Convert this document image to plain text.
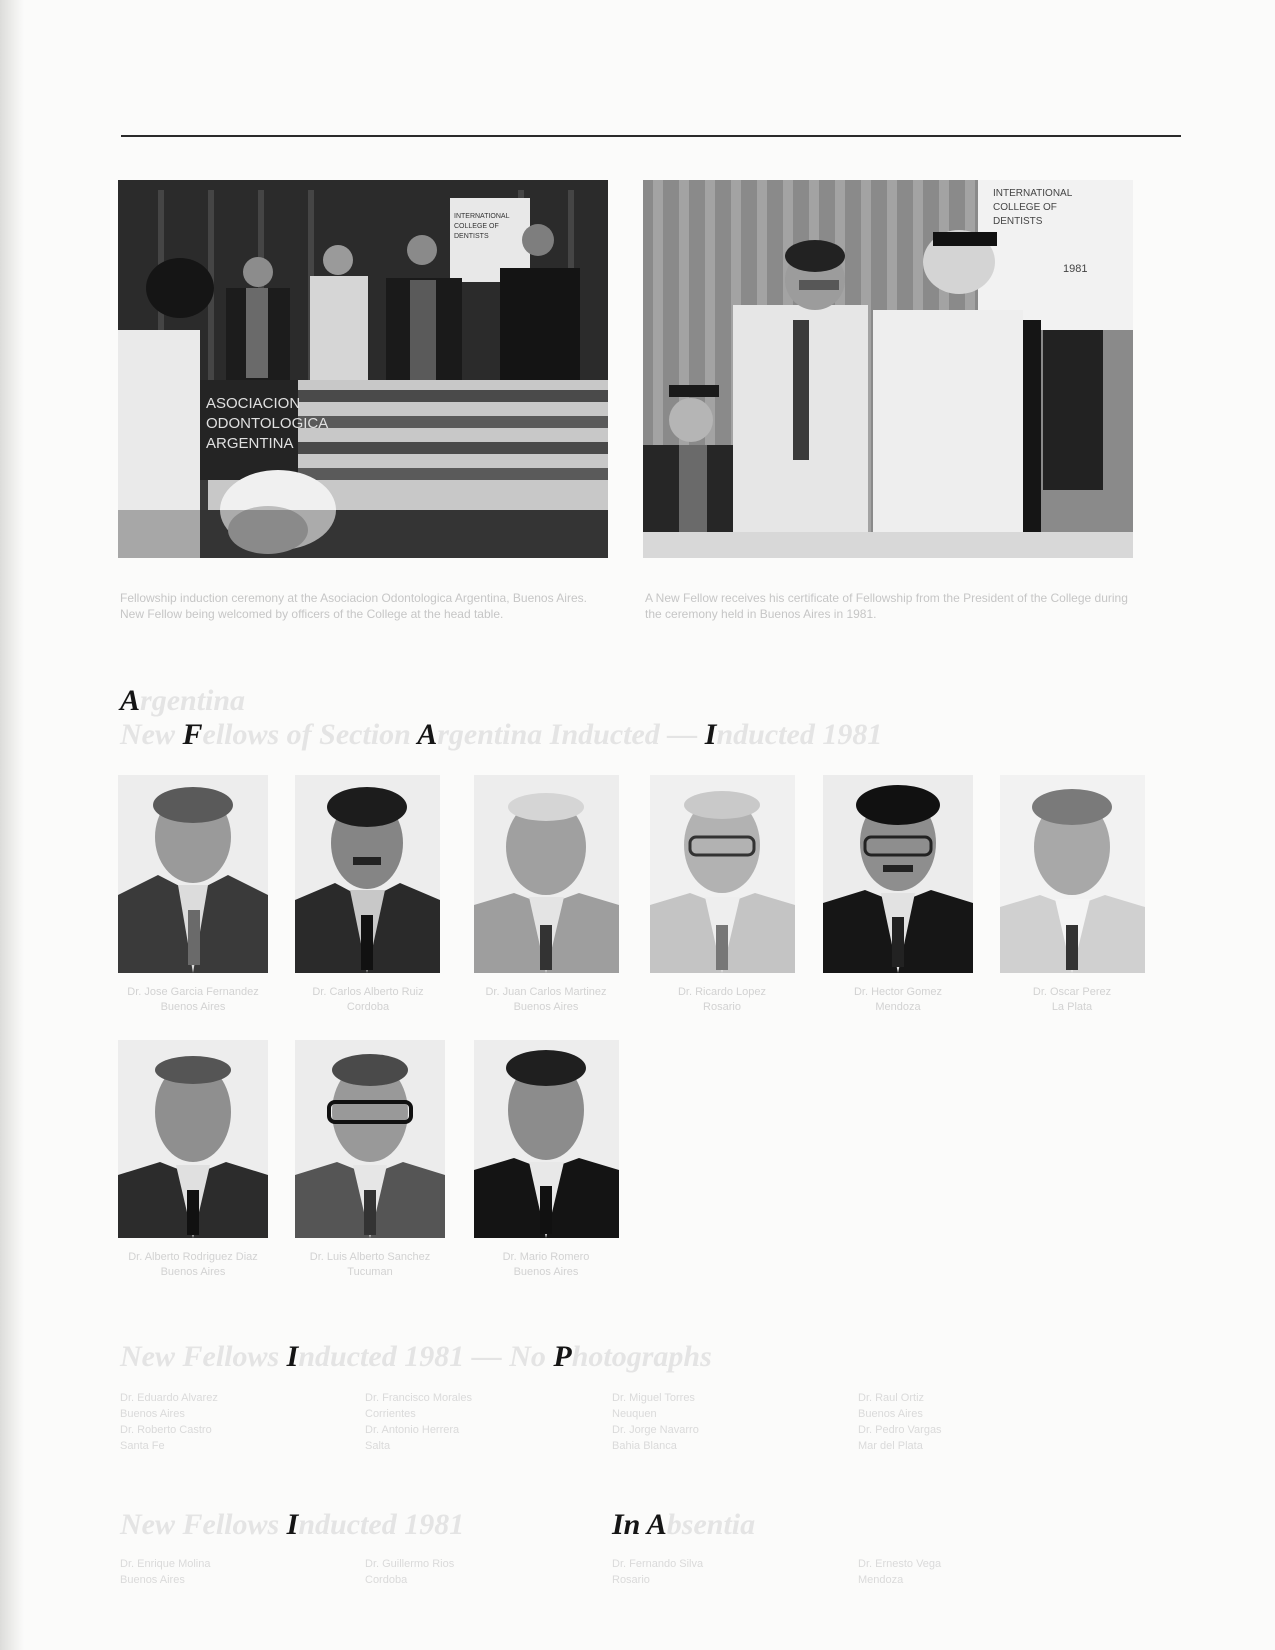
ASOCIACION
ODONTOLOGICA
ARGENTINA
INTERNATIONAL
COLLEGE OF
DENTISTS
Fellowship induction ceremony at the Asociacion Odontologica Argentina, Buenos Aires. New Fellow being welcomed by officers of the College at the head table.
INTERNATIONAL
COLLEGE OF
DENTISTS
1981
A New Fellow receives his certificate of Fellowship from the President of the College during the ceremony held in Buenos Aires in 1981.
Argentina
New Fellows of Section Argentina Inducted — Inducted 1981
Dr. Jose Garcia Fernandez
Buenos Aires
Dr. Carlos Alberto Ruiz
Cordoba
Dr. Juan Carlos Martinez
Buenos Aires
Dr. Ricardo Lopez
Rosario
Dr. Hector Gomez
Mendoza
Dr. Oscar Perez
La Plata
Dr. Alberto Rodriguez Diaz
Buenos Aires
Dr. Luis Alberto Sanchez
Tucuman
Dr. Mario Romero
Buenos Aires
New Fellows Inducted 1981 — No Photographs
Dr. Eduardo Alvarez
Buenos Aires
Dr. Roberto Castro
Santa Fe
Dr. Francisco Morales
Corrientes
Dr. Antonio Herrera
Salta
Dr. Miguel Torres
Neuquen
Dr. Jorge Navarro
Bahia Blanca
Dr. Raul Ortiz
Buenos Aires
Dr. Pedro Vargas
Mar del Plata
New Fellows Inducted 1981	In Absentia
Dr. Enrique Molina
Buenos Aires
Dr. Guillermo Rios
Cordoba
Dr. Fernando Silva
Rosario
Dr. Ernesto Vega
Mendoza
